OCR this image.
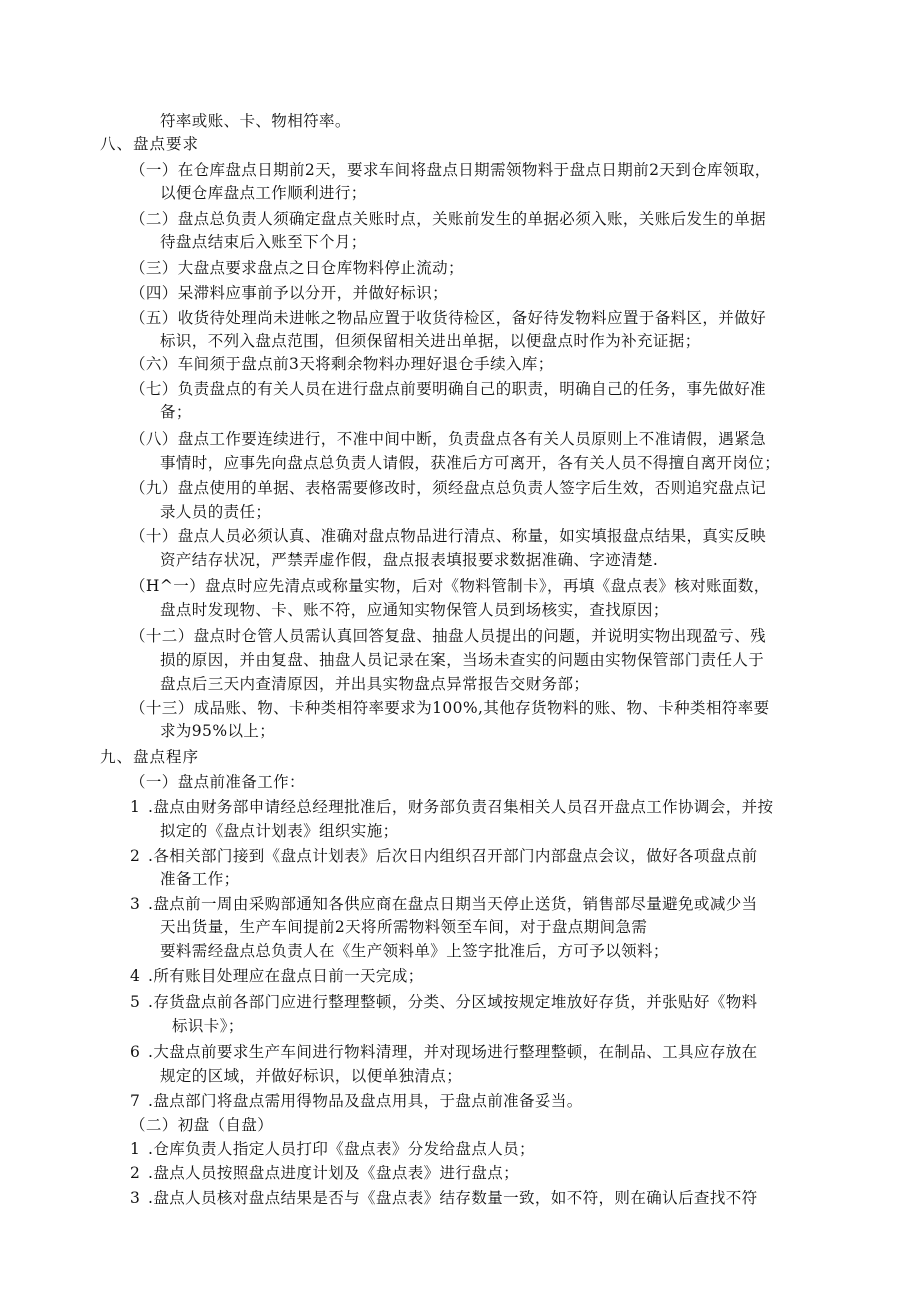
符率或账、卡、物相符率。
八、盘点要求
（一）在仓库盘点日期前2天，要求车间将盘点日期需领物料于盘点日期前2天到仓库领取，
以便仓库盘点工作顺利进行；
（二）盘点总负责人须确定盘点关账时点，关账前发生的单据必须入账，关账后发生的单据
待盘点结束后入账至下个月；
（三）大盘点要求盘点之日仓库物料停止流动；
（四）呆滞料应事前予以分开，并做好标识；
（五）收货待处理尚未进帐之物品应置于收货待检区，备好待发物料应置于备料区，并做好
标识，不列入盘点范围，但须保留相关进出单据，以便盘点时作为补充证据；
（六）车间须于盘点前3天将剩余物料办理好退仓手续入库；
（七）负责盘点的有关人员在进行盘点前要明确自己的职责，明确自己的任务，事先做好准
备；
（八）盘点工作要连续进行，不准中间中断，负责盘点各有关人员原则上不准请假，遇紧急
事情时，应事先向盘点总负责人请假，获准后方可离开，各有关人员不得擅自离开岗位；
（九）盘点使用的单据、表格需要修改时，须经盘点总负责人签字后生效，否则追究盘点记
录人员的责任；
（十）盘点人员必须认真、准确对盘点物品进行清点、称量，如实填报盘点结果，真实反映
资产结存状况，严禁弄虚作假，盘点报表填报要求数据准确、字迹清楚.
（H^一）盘点时应先清点或称量实物，后对《物料管制卡》，再填《盘点表》核对账面数，
盘点时发现物、卡、账不符，应通知实物保管人员到场核实，查找原因；
（十二）盘点时仓管人员需认真回答复盘、抽盘人员提出的问题，并说明实物出现盈亏、残
损的原因，并由复盘、抽盘人员记录在案，当场未查实的问题由实物保管部门责任人于
盘点后三天内查清原因，并出具实物盘点异常报告交财务部；
（十三）成品账、物、卡种类相符率要求为100%,其他存货物料的账、物、卡种类相符率要
求为95%以上；
九、盘点程序
（一）盘点前准备工作：
1 .盘点由财务部申请经总经理批准后，财务部负责召集相关人员召开盘点工作协调会，并按
拟定的《盘点计划表》组织实施；
2 .各相关部门接到《盘点计划表》后次日内组织召开部门内部盘点会议，做好各项盘点前
准备工作；
3 .盘点前一周由采购部通知各供应商在盘点日期当天停止送货，销售部尽量避免或减少当
天出货量，生产车间提前2天将所需物料领至车间，对于盘点期间急需
要料需经盘点总负责人在《生产领料单》上签字批准后，方可予以领料；
4 .所有账目处理应在盘点日前一天完成；
5 .存货盘点前各部门应进行整理整顿，分类、分区域按规定堆放好存货，并张贴好《物料
标识卡》；
6 .大盘点前要求生产车间进行物料清理，并对现场进行整理整顿，在制品、工具应存放在
规定的区域，并做好标识，以便单独清点；
7 .盘点部门将盘点需用得物品及盘点用具，于盘点前准备妥当。
（二）初盘（自盘）
1 .仓库负责人指定人员打印《盘点表》分发给盘点人员；
2 .盘点人员按照盘点进度计划及《盘点表》进行盘点；
3 .盘点人员核对盘点结果是否与《盘点表》结存数量一致，如不符，则在确认后查找不符
